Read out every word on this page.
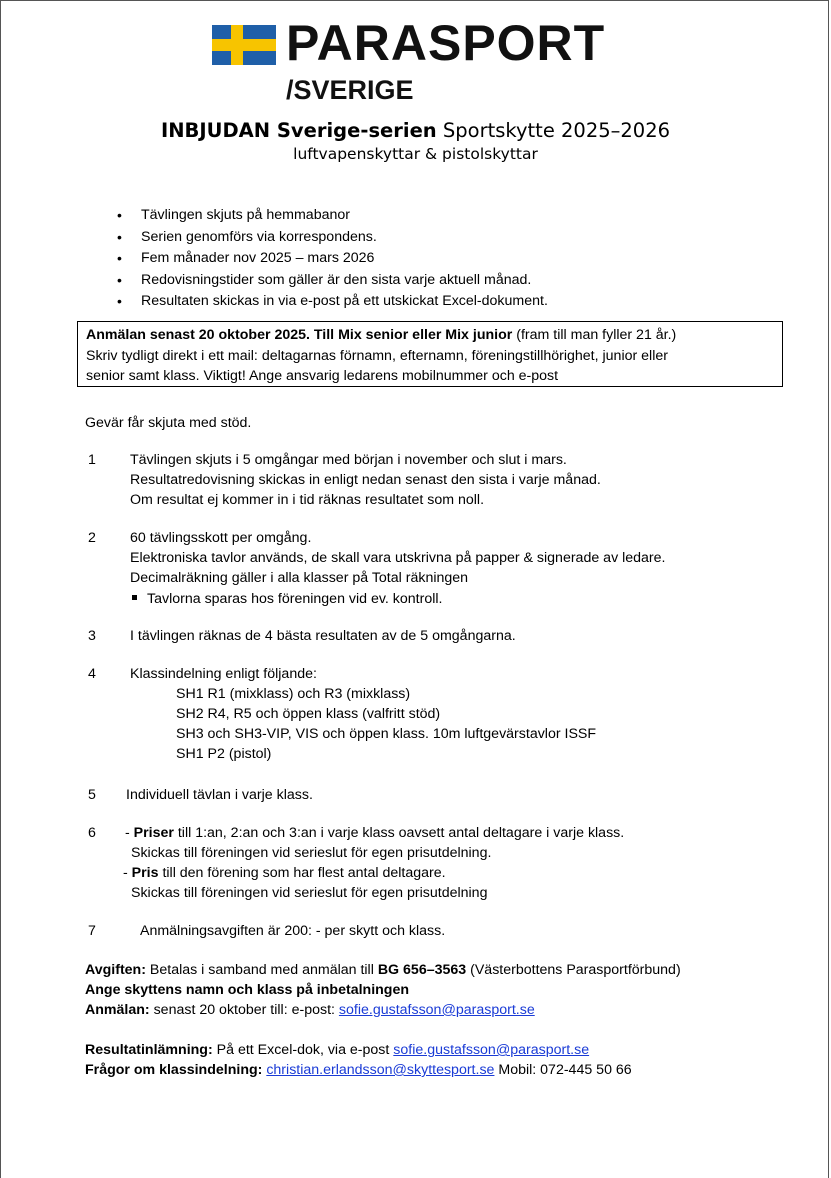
PARASPORT
/SVERIGE
INBJUDAN Sverige-serien Sportskytte 2025–2026
luftvapenskyttar & pistolskyttar
• Tävlingen skjuts på hemmabanor
• Serien genomförs via korrespondens.
• Fem månader nov 2025 – mars 2026
• Redovisningstider som gäller är den sista varje aktuell månad.
• Resultaten skickas in via e-post på ett utskickat Excel-dokument.
Anmälan senast 20 oktober 2025. Till Mix senior eller Mix junior (fram till man fyller 21 år.)
Skriv tydligt direkt i ett mail: deltagarnas förnamn, efternamn, föreningstillhörighet, junior eller
senior samt klass. Viktigt! Ange ansvarig ledarens mobilnummer och e-post
Gevär får skjuta med stöd.
1 Tävlingen skjuts i 5 omgångar med början i november och slut i mars.
Resultatredovisning skickas in enligt nedan senast den sista i varje månad.
Om resultat ej kommer in i tid räknas resultatet som noll.
2 60 tävlingsskott per omgång.
Elektroniska tavlor används, de skall vara utskrivna på papper & signerade av ledare.
Decimalräkning gäller i alla klasser på Total räkningen
Tavlorna sparas hos föreningen vid ev. kontroll.
3 I tävlingen räknas de 4 bästa resultaten av de 5 omgångarna.
4 Klassindelning enligt följande:
SH1 R1 (mixklass) och R3 (mixklass)
SH2 R4, R5 och öppen klass (valfritt stöd)
SH3 och SH3-VIP, VIS och öppen klass. 10m luftgevärstavlor ISSF
SH1 P2 (pistol)
5 Individuell tävlan i varje klass.
6 - Priser till 1:an, 2:an och 3:an i varje klass oavsett antal deltagare i varje klass.
Skickas till föreningen vid serieslut för egen prisutdelning.
- Pris till den förening som har flest antal deltagare.
Skickas till föreningen vid serieslut för egen prisutdelning
7	Anmälningsavgiften är 200: - per skytt och klass.
Avgiften: Betalas i samband med anmälan till BG 656–3563 (Västerbottens Parasportförbund)
Ange skyttens namn och klass på inbetalningen
Anmälan: senast 20 oktober till: e-post: sofie.gustafsson@parasport.se
Resultatinlämning: På ett Excel-dok, via e-post sofie.gustafsson@parasport.se
Frågor om klassindelning: christian.erlandsson@skyttesport.se Mobil: 072-445 50 66
